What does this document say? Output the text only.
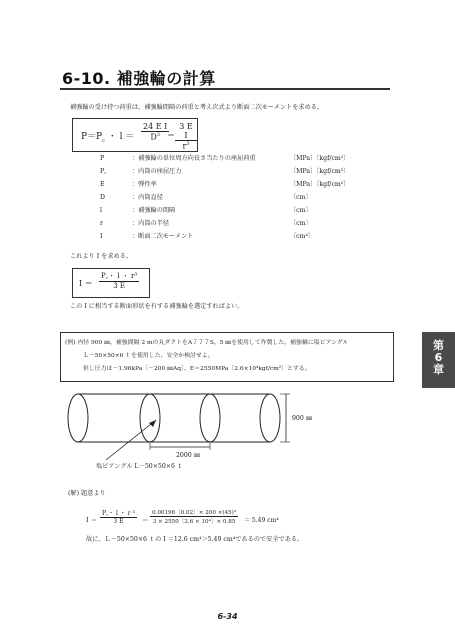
6-10. 補強輪の計算
補強輪の受け持つ荷重は、補強輪間隔の荷重と考え次式より断面二次モーメントを求める。
$P=P_c$ ・ $l = \frac{\text{24 E I}}{D^3}$
＝ $\frac{\text{3 E I}}{r^3}$
P	：補強輪の単位周方向長さ当たりの座屈荷重	〔MPa〕〔kgf/cm²〕
P꜀	：内筒の座屈圧力	〔MPa〕〔kgf/cm²〕
E	：弾性率	〔MPa〕〔kgf/cm²〕
D	：内筒直径	〔cm〕
l	：補強輪の間隔	〔cm〕
r	：内筒の半径	〔cm〕
I	：断面二次モーメント	〔cm⁴〕
これより I を求める。
$I = \frac{\text{P꜀・ l ・ r³}}{3 E}$
この I に相当する断面形状を有する補強輪を選定すればよい。
(例) 内径 900 ㎜、補強間隔 2 mの丸ダクトをA７７７S、5 ㎜を使用して作製した。補強輪に塩ビアングル
Ｌ－50×50×6 ｔを使用した。安全か検討せよ。
但し圧力は－1.96kPa〔－200 ㎜Aq〕、E＝2550MPa〔2.6×10⁴kgf/cm²〕とする。
第
6
章
900 ㎜
2000 ㎜
塩ビアングル L－50×50×6 ｔ
(解) 題意より
$I = \frac{\text{P꜀・ l ・ r ³}}{3 E} = \frac{\text{0.00196〔0.02〕× 200 ×(45)³}}{\text{3 × 2550〔2.6 × 10⁴〕× 0.85}} = 5.49$ cm⁴
故に、Ｌ－50×50×6 ｔの I ＝12.6 cm⁴＞5.49 cm⁴であるので安全である。
6-34
